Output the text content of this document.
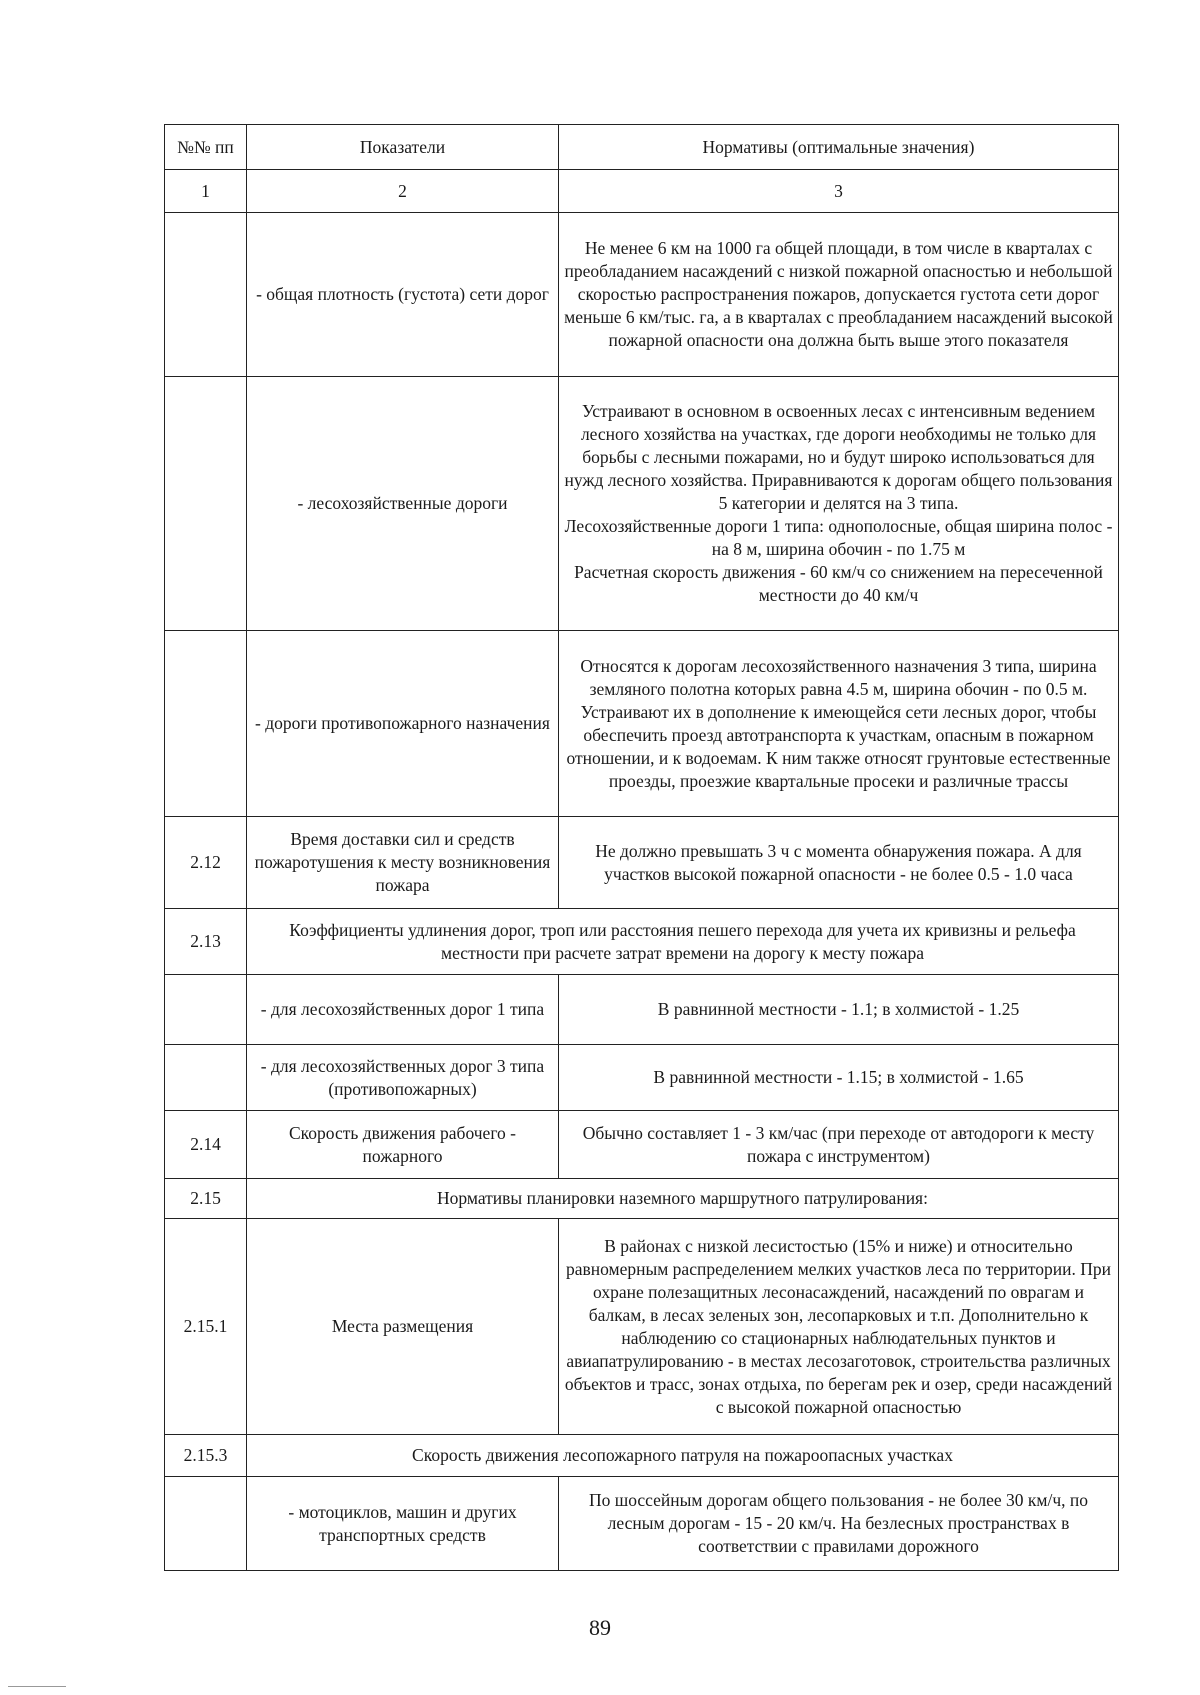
№№ пп	Показатели	Нормативы (оптимальные значения)
1	2	3
	- общая плотность (густота) сети дорог	Не менее 6 км на 1000 га общей площади, в том числе в кварталах с преобладанием насаждений с низкой пожарной опасностью и небольшой скоростью распространения пожаров, допускается густота сети дорог меньше 6 км/тыс. га, а в кварталах с преобладанием насаждений высокой пожарной опасности она должна быть выше этого показателя
	- лесохозяйственные дороги	Устраивают в основном в освоенных лесах с интенсивным ведением лесного хозяйства на участках, где дороги необходимы не только для борьбы с лесными пожарами, но и будут широко использоваться для нужд лесного хозяйства. Приравниваются к дорогам общего пользования 5 категории и делятся на 3 типа.
Лесохозяйственные дороги 1 типа: однополосные, общая ширина полос - на 8 м, ширина обочин - по 1.75 м
Расчетная скорость движения - 60 км/ч со снижением на пересеченной местности до 40 км/ч

	- дороги противопожарного назначения	Относятся к дорогам лесохозяйственного назначения 3 типа, ширина земляного полотна которых равна 4.5 м, ширина обочин - по 0.5 м. Устраивают их в дополнение к имеющейся сети лесных дорог, чтобы обеспечить проезд автотранспорта к участкам, опасным в пожарном отношении, и к водоемам. К ним также относят грунтовые естественные проезды, проезжие квартальные просеки и различные трассы
2.12	Время доставки сил и средств пожаротушения к месту возникновения пожара	Не должно превышать 3 ч с момента обнаружения пожара. А для участков высокой пожарной опасности - не более 0.5 - 1.0 часа
2.13	Коэффициенты удлинения дорог, троп или расстояния пешего перехода для учета их кривизны и рельефа местности при расчете затрат времени на дорогу к месту пожара	
	- для лесохозяйственных дорог 1 типа	В равнинной местности - 1.1; в холмистой - 1.25
	- для лесохозяйственных дорог 3 типа (противопожарных)	В равнинной местности - 1.15; в холмистой - 1.65
2.14	Скорость движения рабочего - пожарного	Обычно составляет 1 - 3 км/час (при переходе от автодороги к месту пожара с инструментом)
2.15	Нормативы планировки наземного маршрутного патрулирования:	
2.15.1	Места размещения	В районах с низкой лесистостью (15% и ниже) и относительно равномерным распределением мелких участков леса по территории. При охране полезащитных лесонасаждений, насаждений по оврагам и балкам, в лесах зеленых зон, лесопарковых и т.п. Дополнительно к наблюдению со стационарных наблюдательных пунктов и авиапатрулированию - в местах лесозаготовок, строительства различных объектов и трасс, зонах отдыха, по берегам рек и озер, среди насаждений с высокой пожарной опасностью
2.15.3	Скорость движения лесопожарного патруля на пожароопасных участках	
	- мотоциклов, машин и других транспортных средств	По шоссейным дорогам общего пользования - не более 30 км/ч, по лесным дорогам - 15 - 20 км/ч. На безлесных пространствах в соответствии с правилами дорожного
89
